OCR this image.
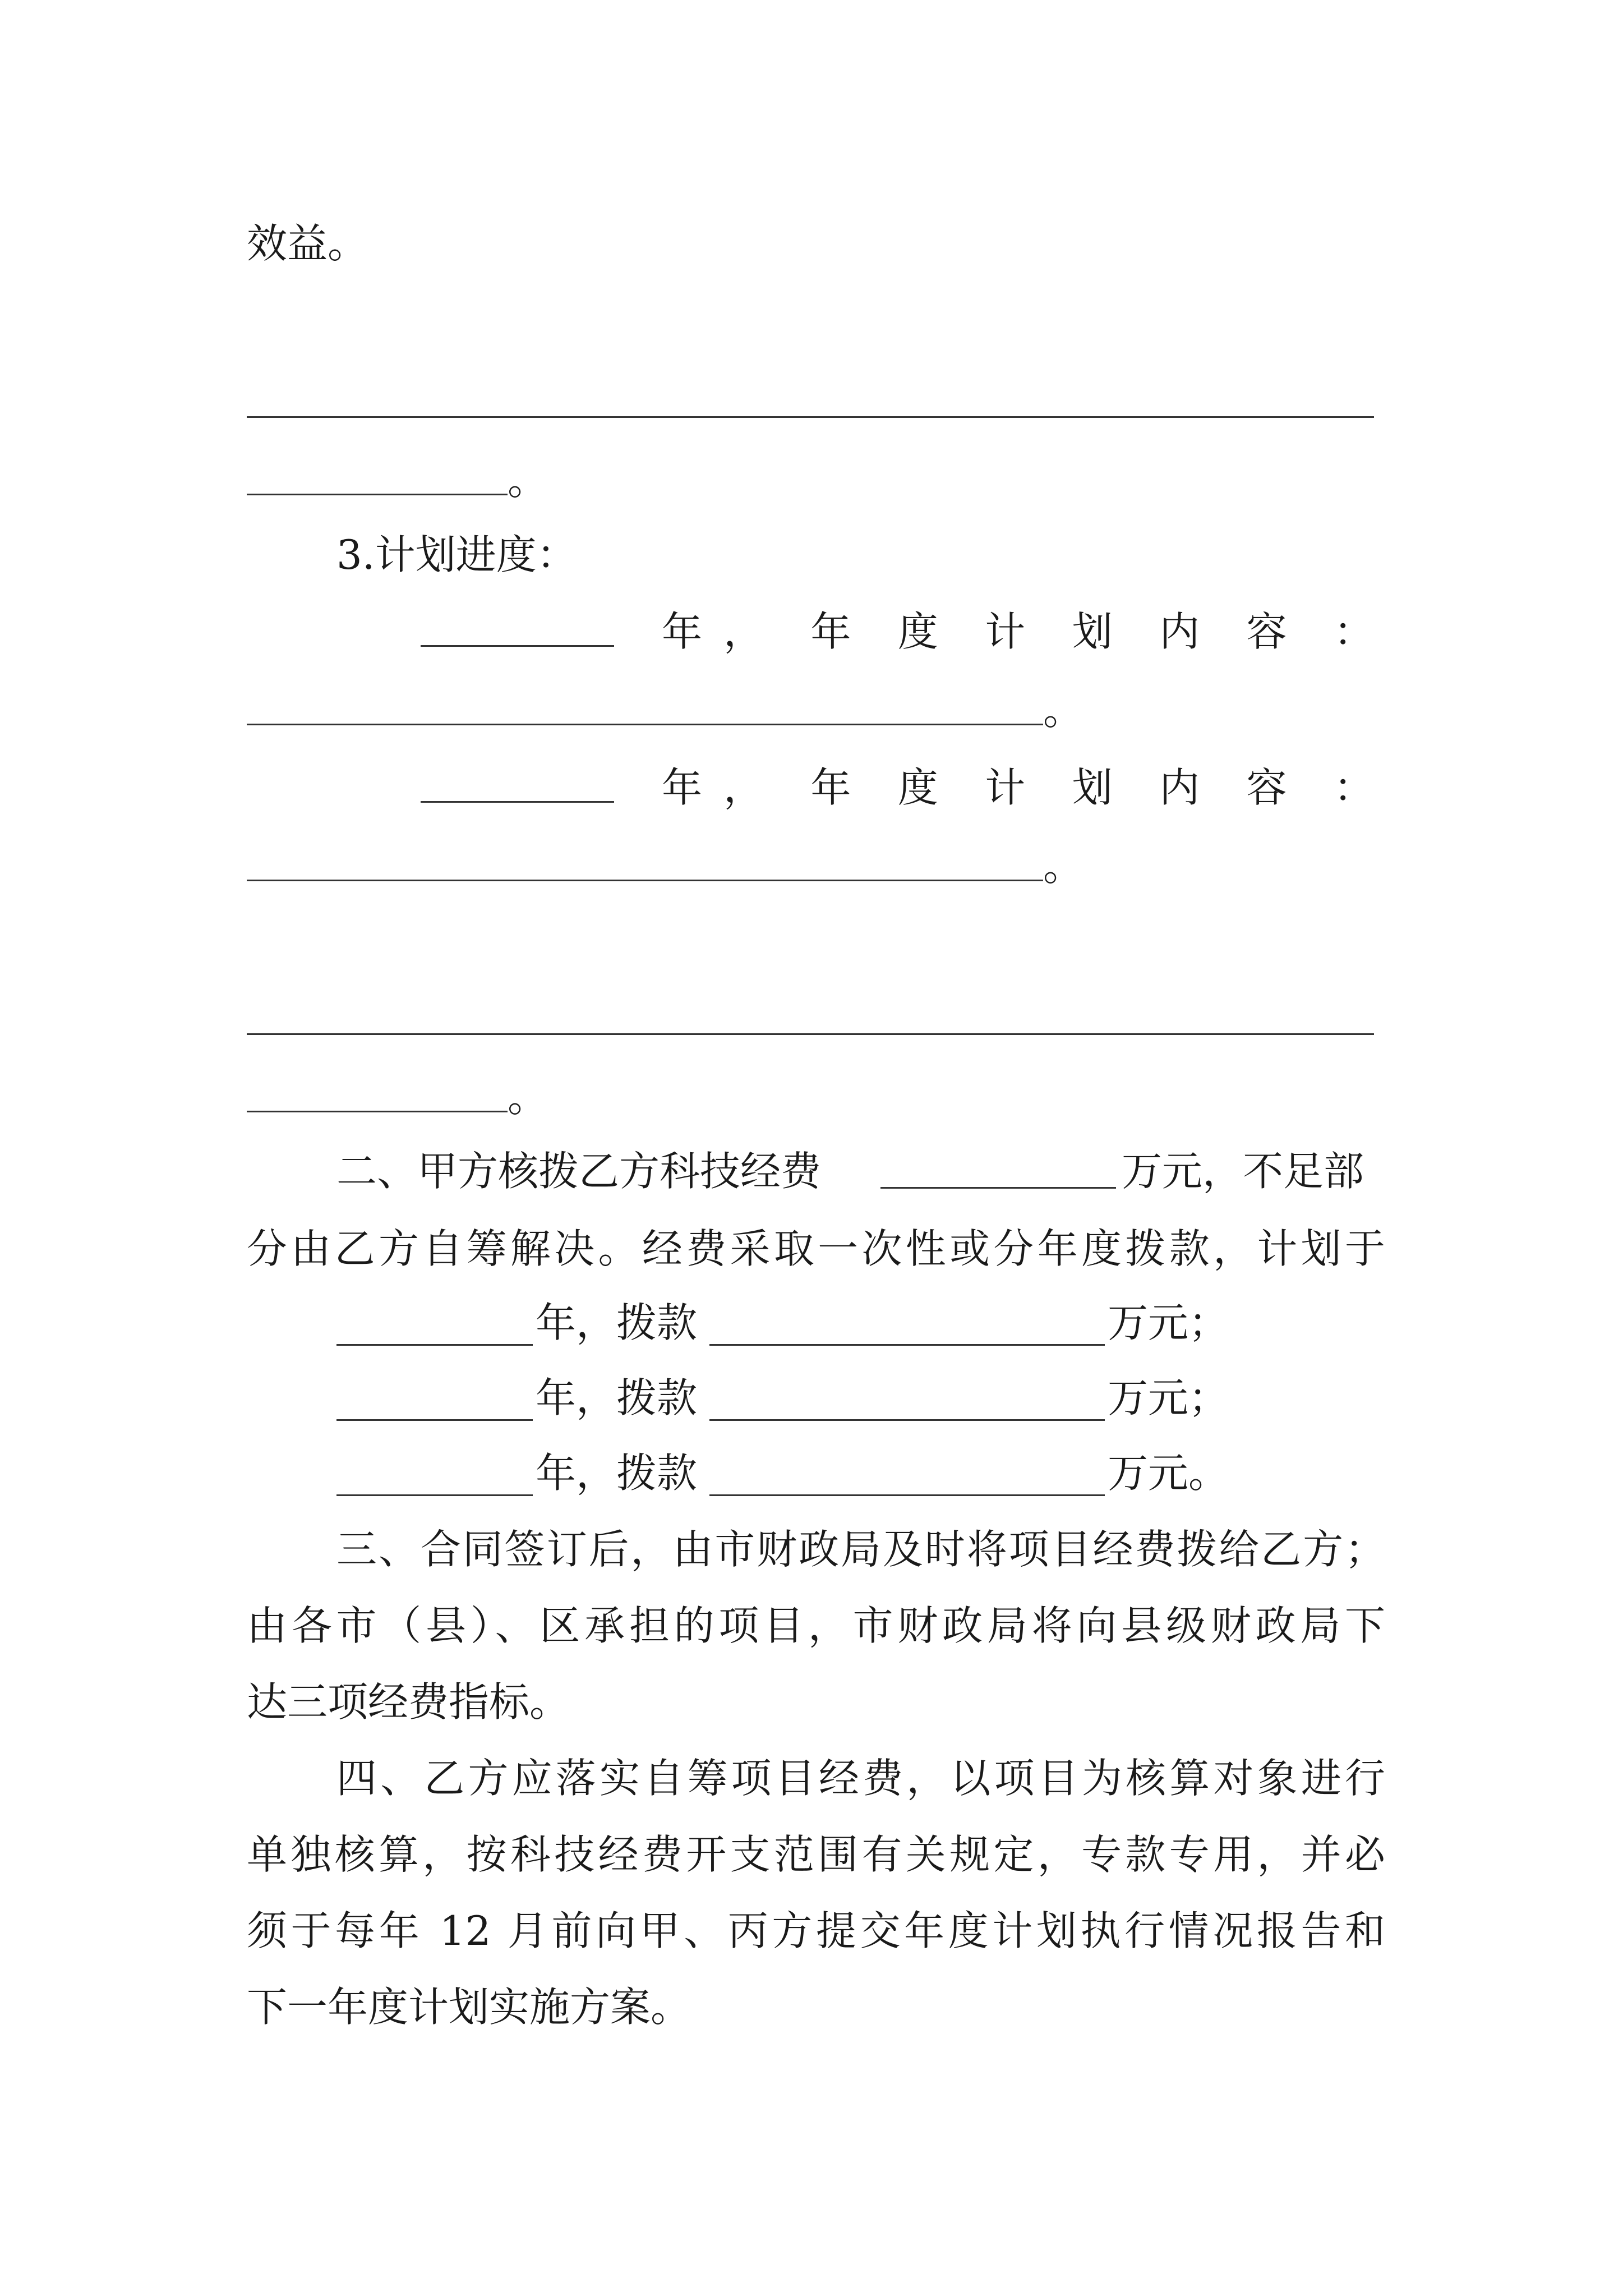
效益。
。
3.计划进度：
年 ，年度计划内容：
。
年 ，年度计划内容：
。
。
二、甲方核拨乙方科技经费	万元，不足部
分由乙方自筹解决。经费采取一次性或分年度拨款，计划于
年，拨款	万元；
年，拨款	万元；
年，拨款	万元。
三、合同签订后，由市财政局及时将项目经费拨给乙方；
由各市（县）、区承担的项目，市财政局将向县级财政局下
达三项经费指标。
四、乙方应落实自筹项目经费，以项目为核算对象进行
单独核算，按科技经费开支范围有关规定，专款专用，并必
须于每年 12 月前向甲、丙方提交年度计划执行情况报告和
下一年度计划实施方案。
